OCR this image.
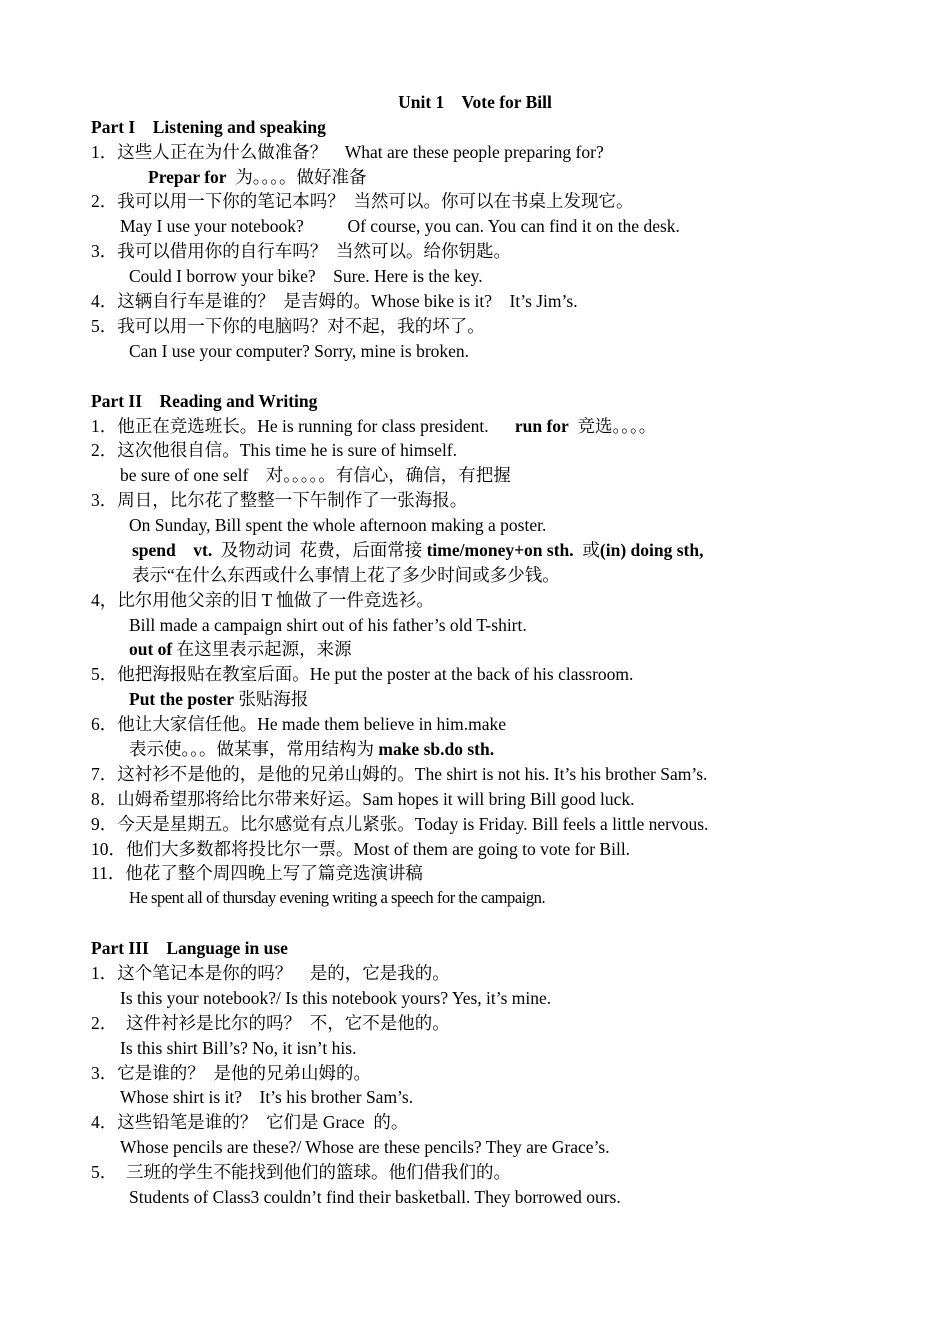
Unit 1    Vote for Bill
Part I    Listening and speaking
1．这些人正在为什么做准备？    What are these people preparing for?
Prepar for  为。。。。做好准备
2．我可以用一下你的笔记本吗？  当然可以。你可以在书桌上发现它。
May I use your notebook?          Of course, you can. You can find it on the desk.
3．我可以借用你的自行车吗？  当然可以。给你钥匙。
Could I borrow your bike?    Sure. Here is the key.
4．这辆自行车是谁的？  是吉姆的。Whose bike is it?    It’s Jim’s.
5．我可以用一下你的电脑吗？对不起，我的坏了。
Can I use your computer? Sorry, mine is broken.
Part II    Reading and Writing
1．他正在竞选班长。He is running for class president.      run for  竞选。。。。
2．这次他很自信。This time he is sure of himself.
be sure of one self    对。。。。。有信心，确信，有把握
3．周日，比尔花了整整一下午制作了一张海报。
On Sunday, Bill spent the whole afternoon making a poster.
spend    vt.  及物动词  花费，后面常接 time/money+on sth.  或(in) doing sth,
表示“在什么东西或什么事情上花了多少时间或多少钱。
4，比尔用他父亲的旧 T 恤做了一件竞选衫。
Bill made a campaign shirt out of his father’s old T-shirt.
out of 在这里表示起源，来源
5．他把海报贴在教室后面。He put the poster at the back of his classroom.
Put the poster 张贴海报
6．他让大家信任他。He made them believe in him.make
表示使。。。做某事，常用结构为 make sb.do sth.
7．这衬衫不是他的，是他的兄弟山姆的。The shirt is not his. It’s his brother Sam’s.
8．山姆希望那将给比尔带来好运。Sam hopes it will bring Bill good luck.
9．今天是星期五。比尔感觉有点儿紧张。Today is Friday. Bill feels a little nervous.
10．他们大多数都将投比尔一票。Most of them are going to vote for Bill.
11．他花了整个周四晚上写了篇竞选演讲稿
He spent all of thursday evening writing a speech for the campaign.
Part III    Language in use
1．这个笔记本是你的吗？    是的，它是我的。
Is this your notebook?/ Is this notebook yours? Yes, it’s mine.
2．  这件衬衫是比尔的吗？  不，它不是他的。
Is this shirt Bill’s? No, it isn’t his.
3．它是谁的？  是他的兄弟山姆的。
Whose shirt is it?    It’s his brother Sam’s.
4．这些铅笔是谁的？  它们是 Grace  的。
Whose pencils are these?/ Whose are these pencils? They are Grace’s.
5．  三班的学生不能找到他们的篮球。他们借我们的。
Students of Class3 couldn’t find their basketball. They borrowed ours.
